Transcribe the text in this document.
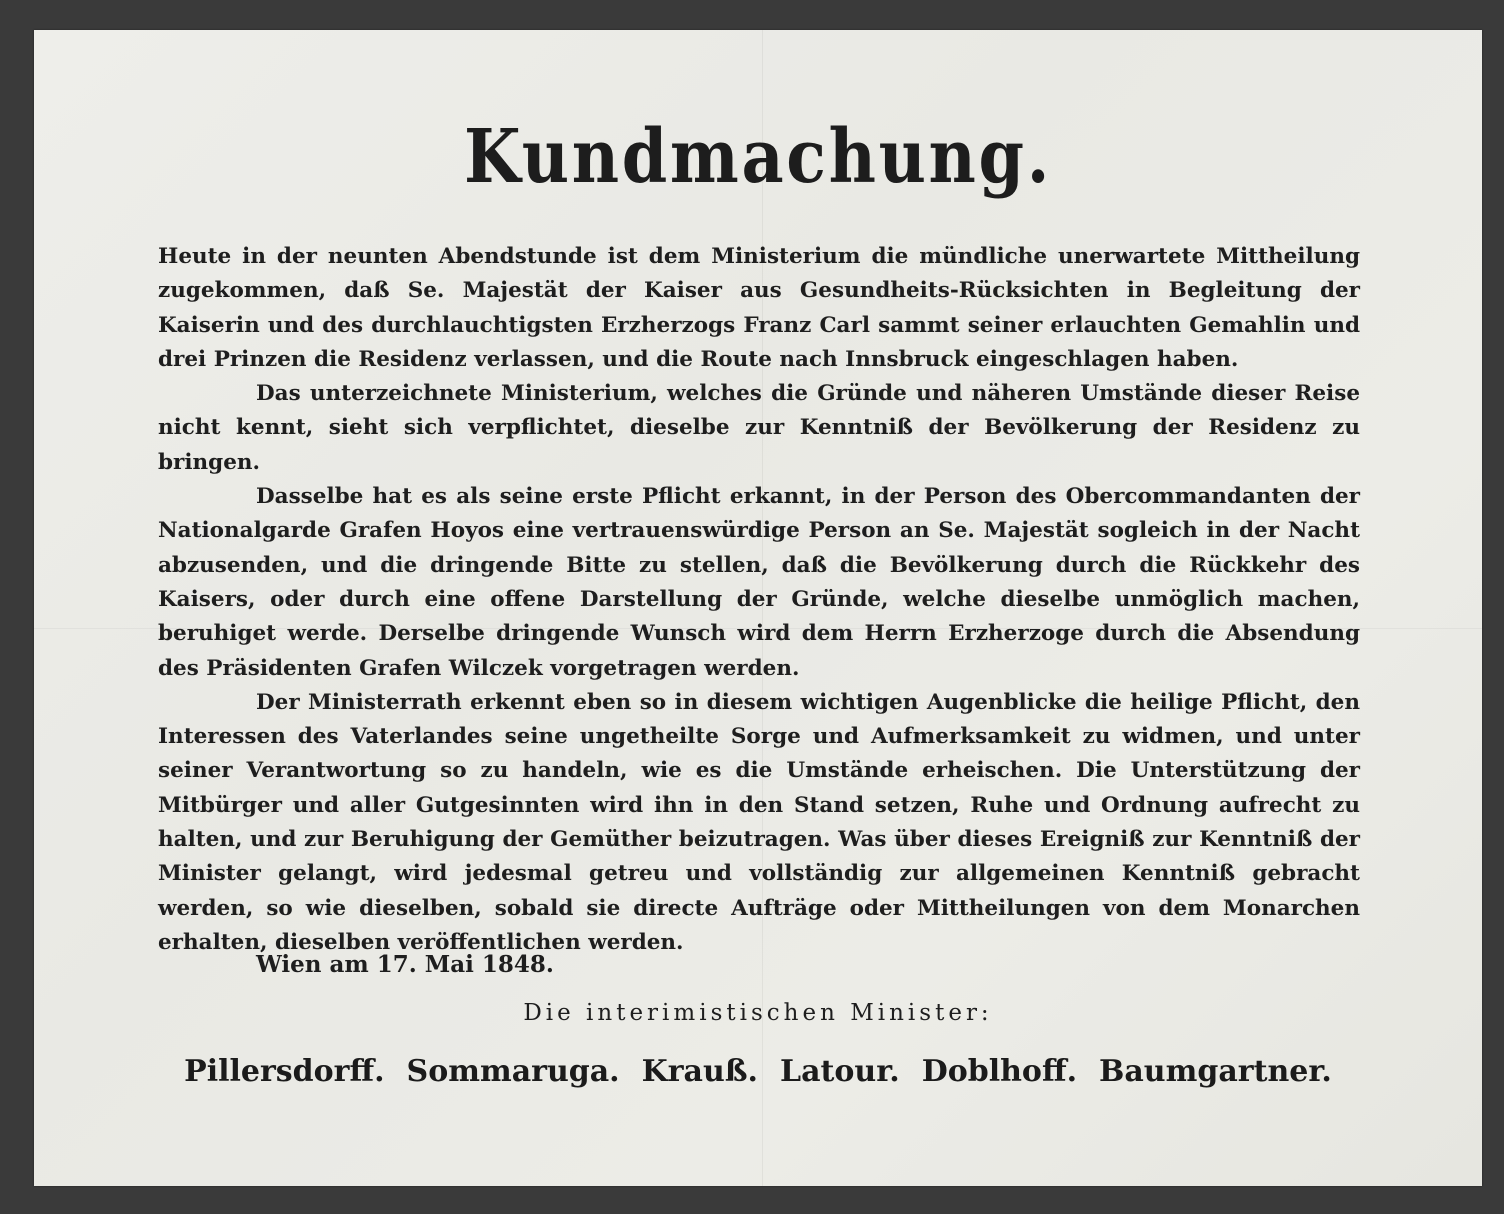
Kundmachung.

Heute in der neunten Abendstunde ist dem Ministerium die mündliche unerwartete Mittheilung zugekommen, daß Se. Majestät der Kaiser aus Gesundheits-Rücksichten in Begleitung der Kaiserin und des durchlauchtigsten Erzherzogs Franz Carl sammt seiner erlauchten Gemahlin und drei Prinzen die Residenz verlassen, und die Route nach Innsbruck eingeschlagen haben.

Das unterzeichnete Ministerium, welches die Gründe und näheren Umstände dieser Reise nicht kennt, sieht sich verpflichtet, dieselbe zur Kenntniß der Bevölkerung der Residenz zu bringen.

Dasselbe hat es als seine erste Pflicht erkannt, in der Person des Obercommandanten der Nationalgarde Grafen Hoyos eine vertrauenswürdige Person an Se. Majestät sogleich in der Nacht abzusenden, und die dringende Bitte zu stellen, daß die Bevölkerung durch die Rückkehr des Kaisers, oder durch eine offene Darstellung der Gründe, welche dieselbe unmöglich machen, beruhiget werde. Derselbe dringende Wunsch wird dem Herrn Erzherzoge durch die Absendung des Präsidenten Grafen Wilczek vorgetragen werden.

Der Ministerrath erkennt eben so in diesem wichtigen Augenblicke die heilige Pflicht, den Interessen des Vaterlandes seine ungetheilte Sorge und Aufmerksamkeit zu widmen, und unter seiner Verantwortung so zu handeln, wie es die Umstände erheischen. Die Unterstützung der Mitbürger und aller Gutgesinnten wird ihn in den Stand setzen, Ruhe und Ordnung aufrecht zu halten, und zur Beruhigung der Gemüther beizutragen. Was über dieses Ereigniß zur Kenntniß der Minister gelangt, wird jedesmal getreu und vollständig zur allgemeinen Kenntniß gebracht werden, so wie dieselben, sobald sie directe Aufträge oder Mittheilungen von dem Monarchen erhalten, dieselben veröffentlichen werden.

Wien am 17. Mai 1848.
Die interimistischen Minister:
Pillersdorff. Sommaruga. Krauß. Latour. Doblhoff. Baumgartner.
